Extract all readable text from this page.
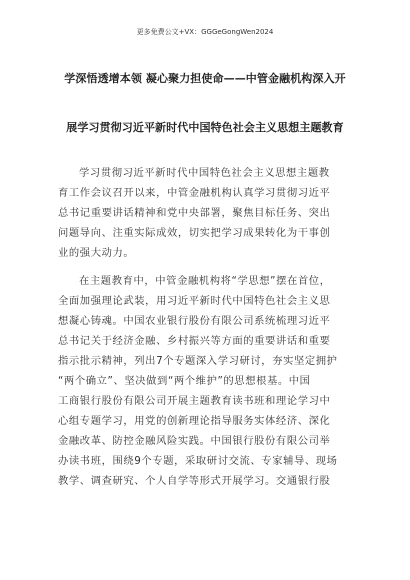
更多免费公文+VX：GGGeGongWen2024
学深悟透增本领 凝心聚力担使命——中管金融机构深入开
展学习贯彻习近平新时代中国特色社会主义思想主题教育
学习贯彻习近平新时代中国特色社会主义思想主题教
育工作会议召开以来，中管金融机构认真学习贯彻习近平
总书记重要讲话精神和党中央部署，聚焦目标任务、突出
问题导向、注重实际成效，切实把学习成果转化为干事创
业的强大动力。
在主题教育中，中管金融机构将“学思想”摆在首位，
全面加强理论武装，用习近平新时代中国特色社会主义思
想凝心铸魂。中国农业银行股份有限公司系统梳理习近平
总书记关于经济金融、乡村振兴等方面的重要讲话和重要
指示批示精神，列出7个专题深入学习研讨，夯实坚定拥护
“两个确立”、坚决做到“两个维护”的思想根基。中国
工商银行股份有限公司开展主题教育读书班和理论学习中
心组专题学习，用党的创新理论指导服务实体经济、深化
金融改革、防控金融风险实践。中国银行股份有限公司举
办读书班，围绕9个专题，采取研讨交流、专家辅导、现场
教学、调查研究、个人自学等形式开展学习。交通银行股
